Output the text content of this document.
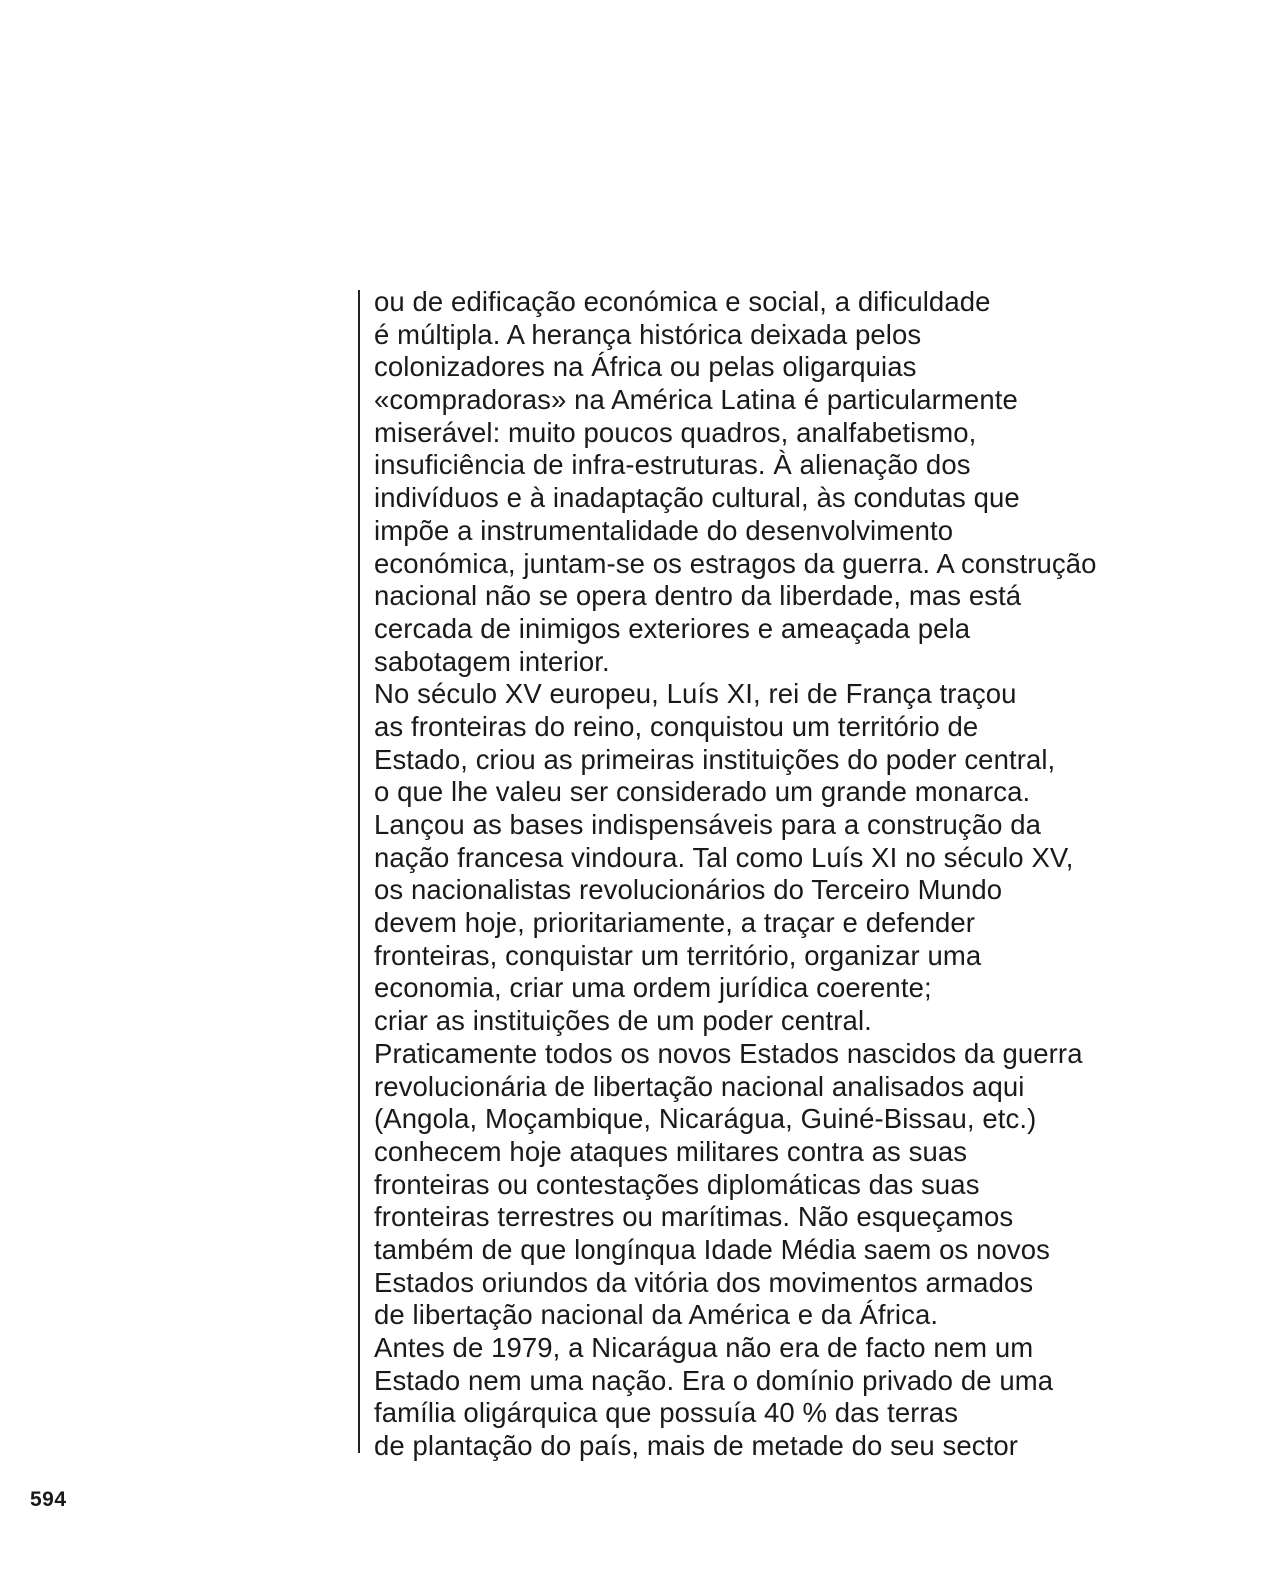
ou de edificação económica e social, a dificuldade
é múltipla. A herança histórica deixada pelos
colonizadores na África ou pelas oligarquias
«compradoras» na América Latina é particularmente
miserável: muito poucos quadros, analfabetismo,
insuficiência de infra-estruturas. À alienação dos
indivíduos e à inadaptação cultural, às condutas que
impõe a instrumentalidade do desenvolvimento
económica, juntam-se os estragos da guerra. A construção
nacional não se opera dentro da liberdade, mas está
cercada de inimigos exteriores e ameaçada pela
sabotagem interior.
No século XV europeu, Luís XI, rei de França traçou
as fronteiras do reino, conquistou um território de
Estado, criou as primeiras instituições do poder central,
o que lhe valeu ser considerado um grande monarca.
Lançou as bases indispensáveis para a construção da
nação francesa vindoura. Tal como Luís XI no século XV,
os nacionalistas revolucionários do Terceiro Mundo
devem hoje, prioritariamente, a traçar e defender
fronteiras, conquistar um território, organizar uma
economia, criar uma ordem jurídica coerente;
criar as instituições de um poder central.
Praticamente todos os novos Estados nascidos da guerra
revolucionária de libertação nacional analisados aqui
(Angola, Moçambique, Nicarágua, Guiné-Bissau, etc.)
conhecem hoje ataques militares contra as suas
fronteiras ou contestações diplomáticas das suas
fronteiras terrestres ou marítimas. Não esqueçamos
também de que longínqua Idade Média saem os novos
Estados oriundos da vitória dos movimentos armados
de libertação nacional da América e da África.
Antes de 1979, a Nicarágua não era de facto nem um
Estado nem uma nação. Era o domínio privado de uma
família oligárquica que possuía 40 % das terras
de plantação do país, mais de metade do seu sector
594
